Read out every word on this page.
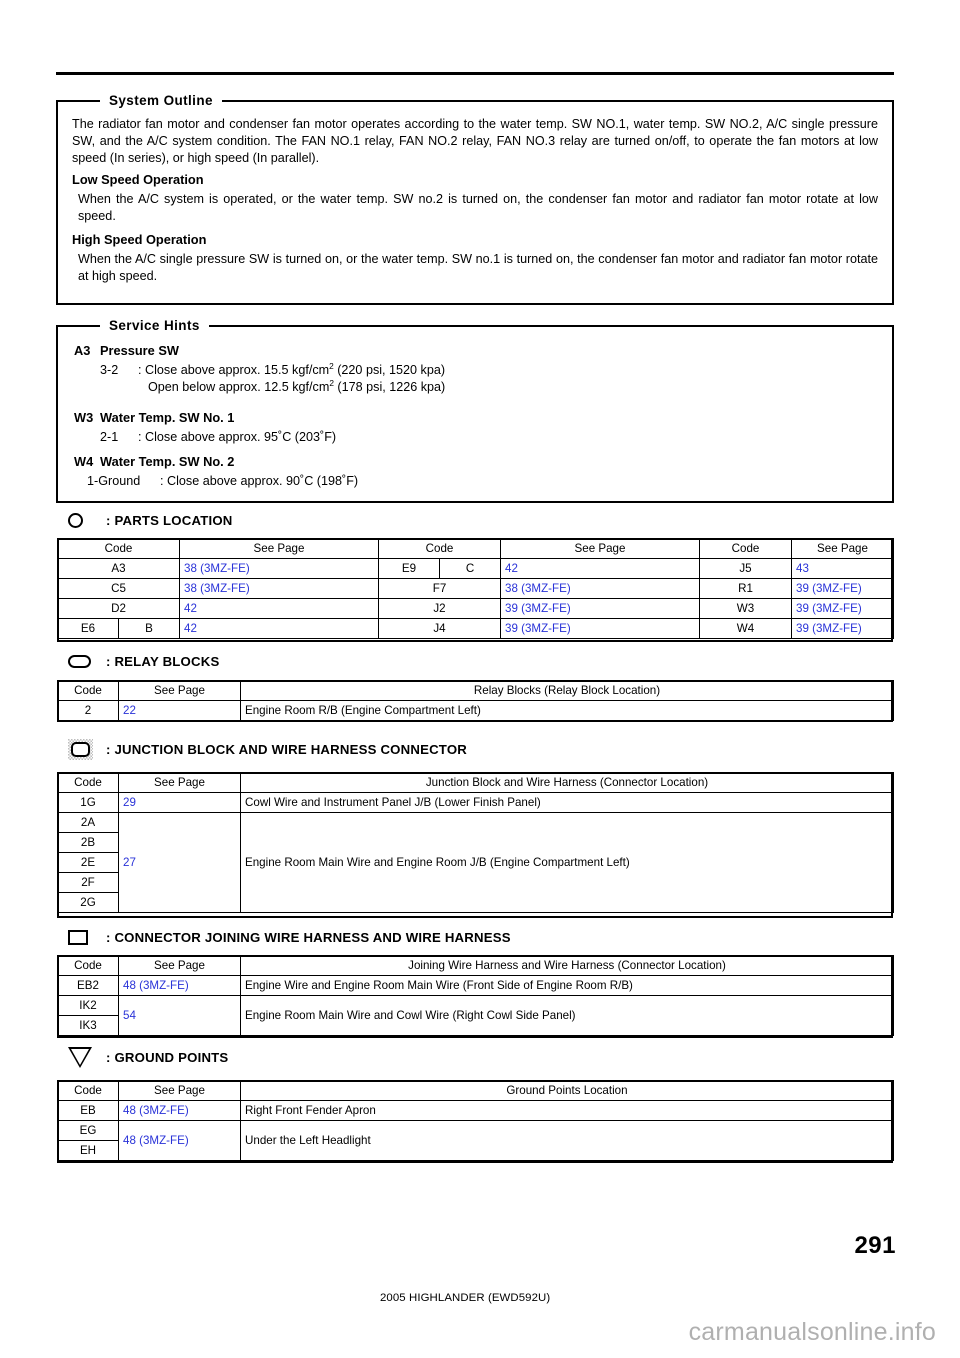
System Outline

The radiator fan motor and condenser fan motor operates according to the water temp. SW NO.1, water temp. SW NO.2, A/C single pressure SW, and the A/C system condition. The FAN NO.1 relay, FAN NO.2 relay, FAN NO.3 relay are turned on/off, to operate the fan motors at low speed (In series), or high speed (In parallel).

Low Speed Operation

When the A/C system is operated, or the water temp. SW no.2 is turned on, the condenser fan motor and radiator fan motor rotate at low speed.

High Speed Operation

When the A/C single pressure SW is turned on, or the water temp. SW no.1 is turned on, the condenser fan motor and radiator fan motor rotate at high speed.

Service Hints
A3 Pressure SW
3-2 : Close above approx. 15.5 kgf/$cm^2$ (220 psi, 1520 kpa)
Open below approx. 12.5 kgf/$cm^2$ (178 psi, 1226 kpa)
W3 Water Temp. SW No. 1
2-1 : Close above approx. 95˚C (203˚F)
W4 Water Temp. SW No. 2
1-Ground : Close above approx. 90˚C (198˚F)
: PARTS LOCATION
Code		See Page	Code		See Page	Code	See Page
A3		38 (3MZ-FE)	E9	C	42	J5	43
C5		38 (3MZ-FE)	F7		38 (3MZ-FE)	R1	39 (3MZ-FE)
D2		42	J2		39 (3MZ-FE)	W3	39 (3MZ-FE)
E6	B	42	J4		39 (3MZ-FE)	W4	39 (3MZ-FE)
: RELAY BLOCKS
Code	See Page	Relay Blocks (Relay Block Location)
2	22	Engine Room R/B (Engine Compartment Left)
: JUNCTION BLOCK AND WIRE HARNESS CONNECTOR
Code	See Page	Junction Block and Wire Harness (Connector Location)
1G	29	Cowl Wire and Instrument Panel J/B (Lower Finish Panel)
2A	27	Engine Room Main Wire and Engine Room J/B (Engine Compartment Left)
2B		
2E		
2F		
2G		
: CONNECTOR JOINING WIRE HARNESS AND WIRE HARNESS
Code	See Page	Joining Wire Harness and Wire Harness (Connector Location)
EB2	48 (3MZ-FE)	Engine Wire and Engine Room Main Wire (Front Side of Engine Room R/B)
IK2	54	Engine Room Main Wire and Cowl Wire (Right Cowl Side Panel)
IK3		
: GROUND POINTS
Code	See Page	Ground Points Location
EB	48 (3MZ-FE)	Right Front Fender Apron
EG	48 (3MZ-FE)	Under the Left Headlight
EH		
291
2005 HIGHLANDER (EWD592U)
carmanualsonline.info
